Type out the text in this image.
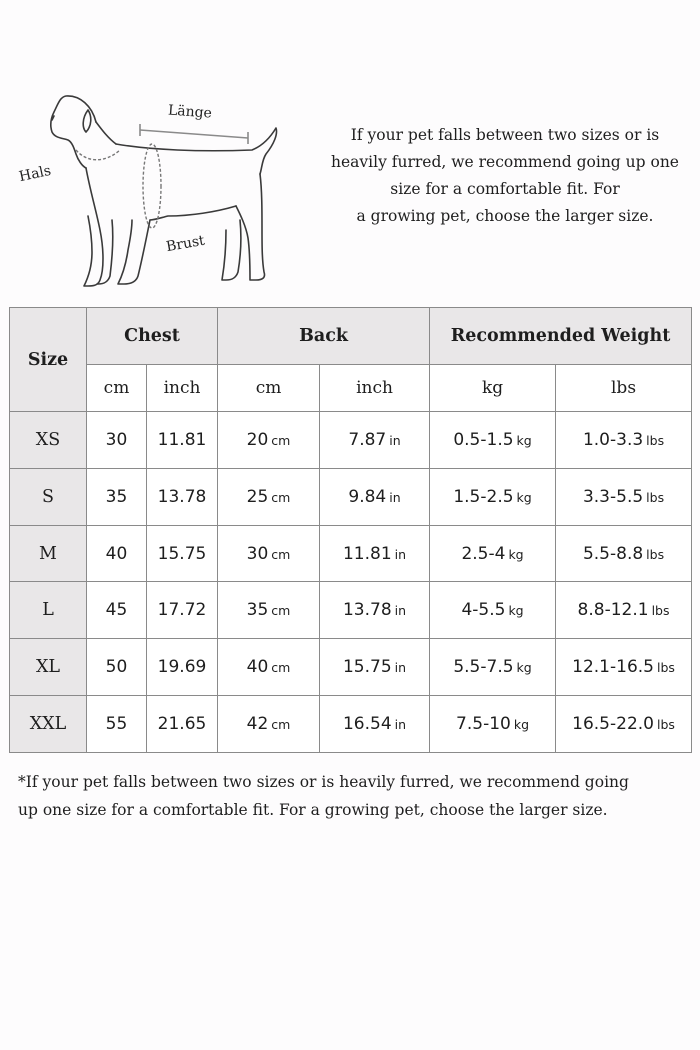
Länge
Hals
Brust
If your pet falls between two sizes or is
heavily furred, we recommend going up one
size for a comfortable fit. For
a growing pet, choose the larger size.
Size	Chest		Back		Recommended Weight	
	cm	inch	cm	inch	kg	lbs
XS	30	11.81	20 cm	7.87 in	0.5-1.5 kg	1.0-3.3 lbs
S	35	13.78	25 cm	9.84 in	1.5-2.5 kg	3.3-5.5 lbs
M	40	15.75	30 cm	11.81 in	2.5-4 kg	5.5-8.8 lbs
L	45	17.72	35 cm	13.78 in	4-5.5 kg	8.8-12.1 lbs
XL	50	19.69	40 cm	15.75 in	5.5-7.5 kg	12.1-16.5 lbs
XXL	55	21.65	42 cm	16.54 in	7.5-10 kg	16.5-22.0 lbs
*If your pet falls between two sizes or is heavily furred, we recommend going
up one size for a comfortable fit. For a growing pet, choose the larger size.
